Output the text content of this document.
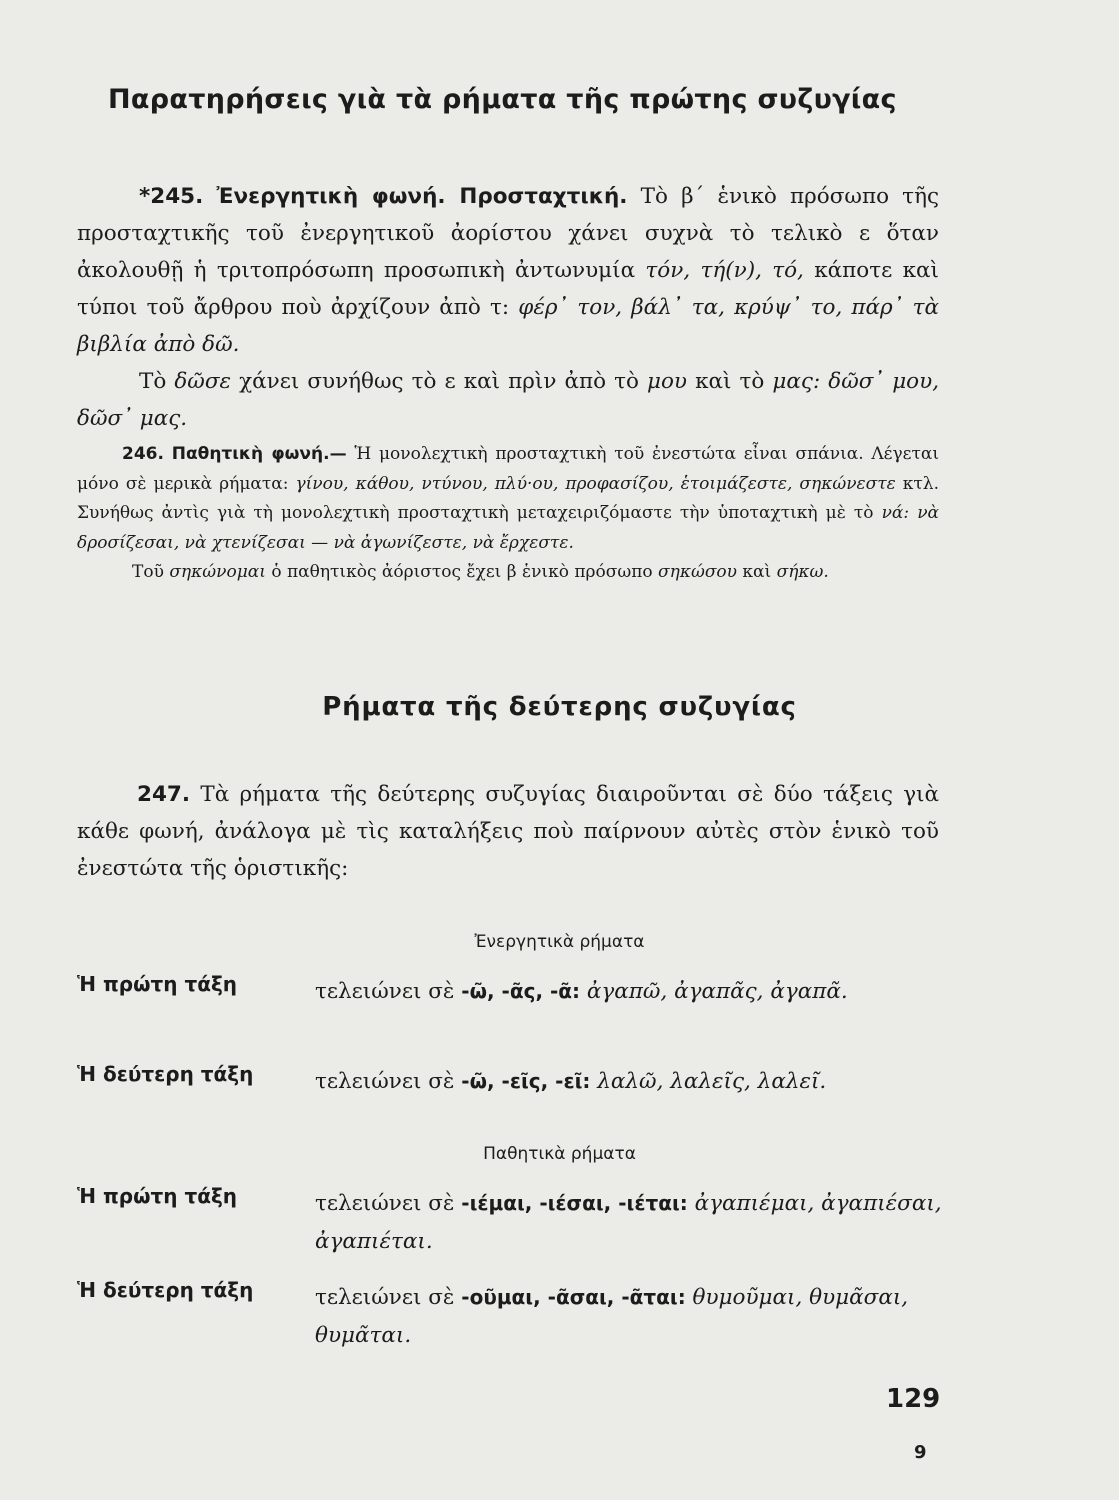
Παρατηρήσεις γιὰ τὰ ρήματα τῆς πρώτης συζυγίας
*245. Ἐνεργητικὴ φωνή. Προσταχτική. Τὸ β΄ ἑνικὸ πρόσωπο τῆς προσταχτικῆς τοῦ ἐνεργητικοῦ ἀορίστου χάνει συχνὰ τὸ τελικὸ ε ὅταν ἀκολουθῇ ἡ τριτοπρόσωπη προσωπικὴ ἀντωνυμία τόν, τή(ν), τό, κάποτε καὶ τύποι τοῦ ἄρθρου ποὺ ἀρχίζουν ἀπὸ τ: φέρ᾽ τον, βάλ᾽ τα, κρύψ᾽ το, πάρ᾽ τὰ βιβλία ἀπὸ δῶ.
Τὸ δῶσε χάνει συνήθως τὸ ε καὶ πρὶν ἀπὸ τὸ μου καὶ τὸ μας: δῶσ᾽ μου, δῶσ᾽ μας.
246. Παθητικὴ φωνή.— Ἡ μονολεχτικὴ προσταχτικὴ τοῦ ἐνεστώτα εἶναι σπάνια. Λέγεται μόνο σὲ μερικὰ ρήματα: γίνου, κάθου, ντύνου, πλύ·ου, προφασίζου, ἑτοιμάζεστε, σηκώνεστε κτλ. Συνήθως ἀντὶς γιὰ τὴ μονολεχτικὴ προσταχτικὴ μεταχειριζόμαστε τὴν ὑποταχτικὴ μὲ τὸ νά: νὰ δροσίζεσαι, νὰ χτενίζεσαι — νὰ ἀγωνίζεστε, νὰ ἔρχεστε.
Τοῦ σηκώνομαι ὁ παθητικὸς ἀόριστος ἔχει β ἑνικὸ πρόσωπο σηκώσου καὶ σήκω.
Ρήματα τῆς δεύτερης συζυγίας
247. Τὰ ρήματα τῆς δεύτερης συζυγίας διαιροῦνται σὲ δύο τάξεις γιὰ κάθε φωνή, ἀνάλογα μὲ τὶς καταλήξεις ποὺ παίρνουν αὐτὲς στὸν ἑνικὸ τοῦ ἐνεστώτα τῆς ὁριστικῆς:
Ἐνεργητικὰ ρήματα
Ἡ πρώτη τάξη	τελειώνει σὲ -ῶ, -ᾶς, -ᾶ: ἀγαπῶ, ἀγαπᾶς, ἀγαπᾶ.
Ἡ δεύτερη τάξη	τελειώνει σὲ -ῶ, -εῖς, -εῖ: λαλῶ, λαλεῖς, λαλεῖ.
Παθητικὰ ρήματα
Ἡ πρώτη τάξη	τελειώνει σὲ -ιέμαι, -ιέσαι, -ιέται: ἀγαπιέμαι, ἀγαπιέσαι, ἀγαπιέται.
Ἡ δεύτερη τάξη	τελειώνει σὲ -οῦμαι, -ᾶσαι, -ᾶται: θυμοῦμαι, θυμᾶσαι, θυμᾶται.
129
9
